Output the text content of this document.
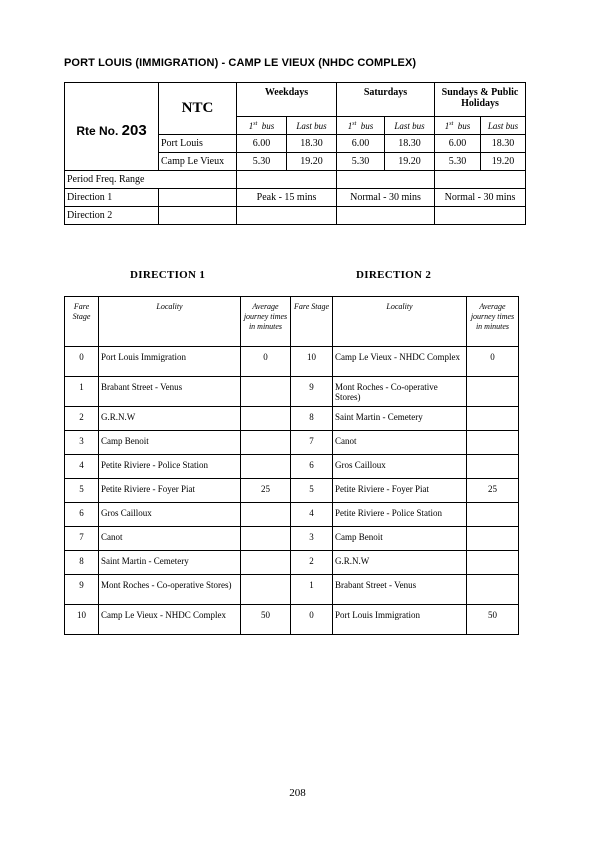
PORT LOUIS (IMMIGRATION) - CAMP LE VIEUX (NHDC COMPLEX)
Rte No. 203	NTC	Weekdays		Saturdays		Sundays & Public Holidays	
		1st bus	Last bus	1st bus	Last bus	1st bus	Last bus
	Port Louis	6.00	18.30	6.00	18.30	6.00	18.30
	Camp Le Vieux	5.30	19.20	5.30	19.20	5.30	19.20
Period Freq. Range							
Direction 1		Peak - 15 mins		Normal - 30 mins		Normal - 30 mins	
Direction 2							
DIRECTION 1	DIRECTION 2
Fare Stage	Locality	Average journey times in minutes	Fare Stage	Locality	Average journey times in minutes
0	Port Louis Immigration	0	10	Camp Le Vieux - NHDC Complex	0
1	Brabant Street - Venus		9	Mont Roches - Co-operative Stores)	
2	G.R.N.W		8	Saint Martin - Cemetery	
3	Camp Benoit		7	Canot	
4	Petite Riviere - Police Station		6	Gros Cailloux	
5	Petite Riviere - Foyer Piat	25	5	Petite Riviere - Foyer Piat	25
6	Gros Cailloux		4	Petite Riviere - Police Station	
7	Canot		3	Camp Benoit	
8	Saint Martin - Cemetery		2	G.R.N.W	
9	Mont Roches - Co-operative Stores)		1	Brabant Street - Venus	
10	Camp Le Vieux - NHDC Complex	50	0	Port Louis Immigration	50
208
